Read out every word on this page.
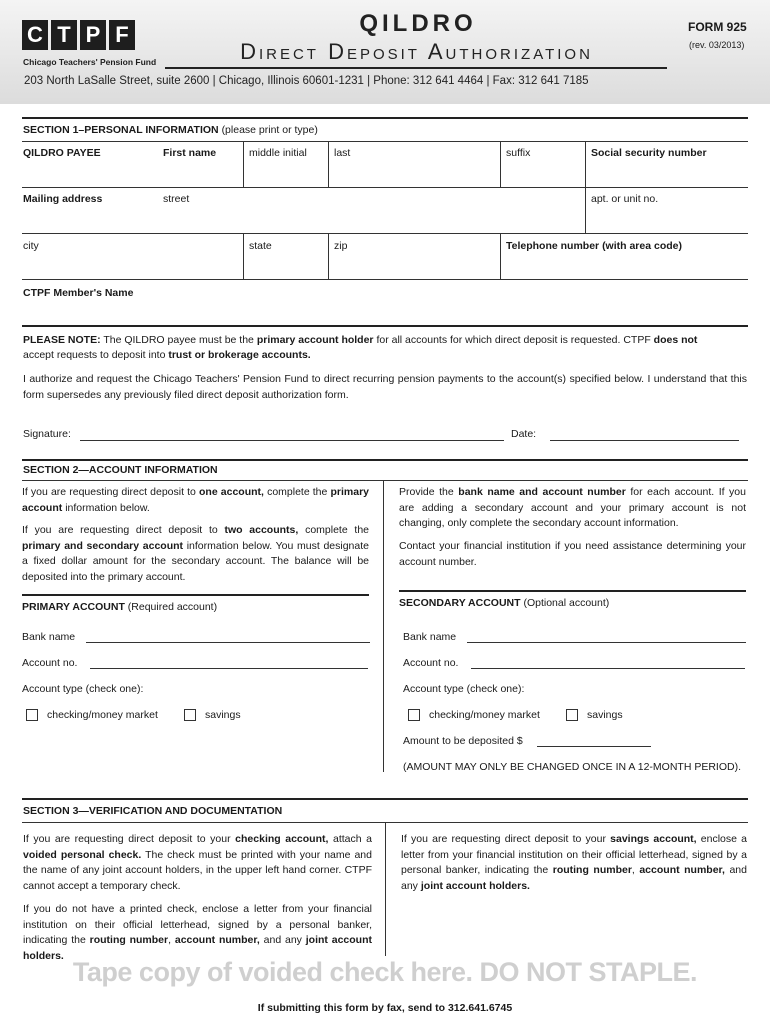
C T P F
Chicago Teachers' Pension Fund
QILDRO
Direct Deposit Authorization
FORM 925
(rev. 03/2013)
203 North LaSalle Street, suite 2600 | Chicago, Illinois 60601-1231 | Phone: 312 641 4464 | Fax: 312 641 7185
SECTION 1–PERSONAL INFORMATION (please print or type)
QILDRO PAYEE	First name	middle initial	last	suffix	Social security number
Mailing address	street	apt. or unit no.
city	state	zip	Telephone number (with area code)
CTPF Member's Name
PLEASE NOTE: The QILDRO payee must be the primary account holder for all accounts for which direct deposit is requested. CTPF does not
accept requests to deposit into trust or brokerage accounts.
I authorize and request the Chicago Teachers' Pension Fund to direct recurring pension payments to the account(s) specified below. I understand that this form supersedes any previously filed direct deposit authorization form.
Signature:	Date:
SECTION 2—ACCOUNT INFORMATION
If you are requesting direct deposit to one account, complete the primary account information below.
If you are requesting direct deposit to two accounts, complete the primary and secondary account information below. You must designate a fixed dollar amount for the secondary account. The balance will be deposited into the primary account.
Provide the bank name and account number for each account. If you are adding a secondary account and your primary account is not changing, only complete the secondary account information.
Contact your financial institution if you need assistance determining your account number.
PRIMARY ACCOUNT (Required account)
Bank name
Account no.
Account type (check one):
checking/money market	savings
SECONDARY ACCOUNT (Optional account)
Bank name
Account no.
Account type (check one):
checking/money market	savings
Amount to be deposited $
(AMOUNT MAY ONLY BE CHANGED ONCE IN A 12-MONTH PERIOD).
SECTION 3—VERIFICATION AND DOCUMENTATION
If you are requesting direct deposit to your checking account, attach a voided personal check. The check must be printed with your name and the name of any joint account holders, in the upper left hand corner. CTPF cannot accept a temporary check.
If you do not have a printed check, enclose a letter from your financial institution on their official letterhead, signed by a personal banker, indicating the routing number, account number, and any joint account holders.
If you are requesting direct deposit to your savings account, enclose a letter from your financial institution on their official letterhead, signed by a personal banker, indicating the routing number, account number, and any joint account holders.
Tape copy of voided check here. DO NOT STAPLE.
If submitting this form by fax, send to 312.641.6745
